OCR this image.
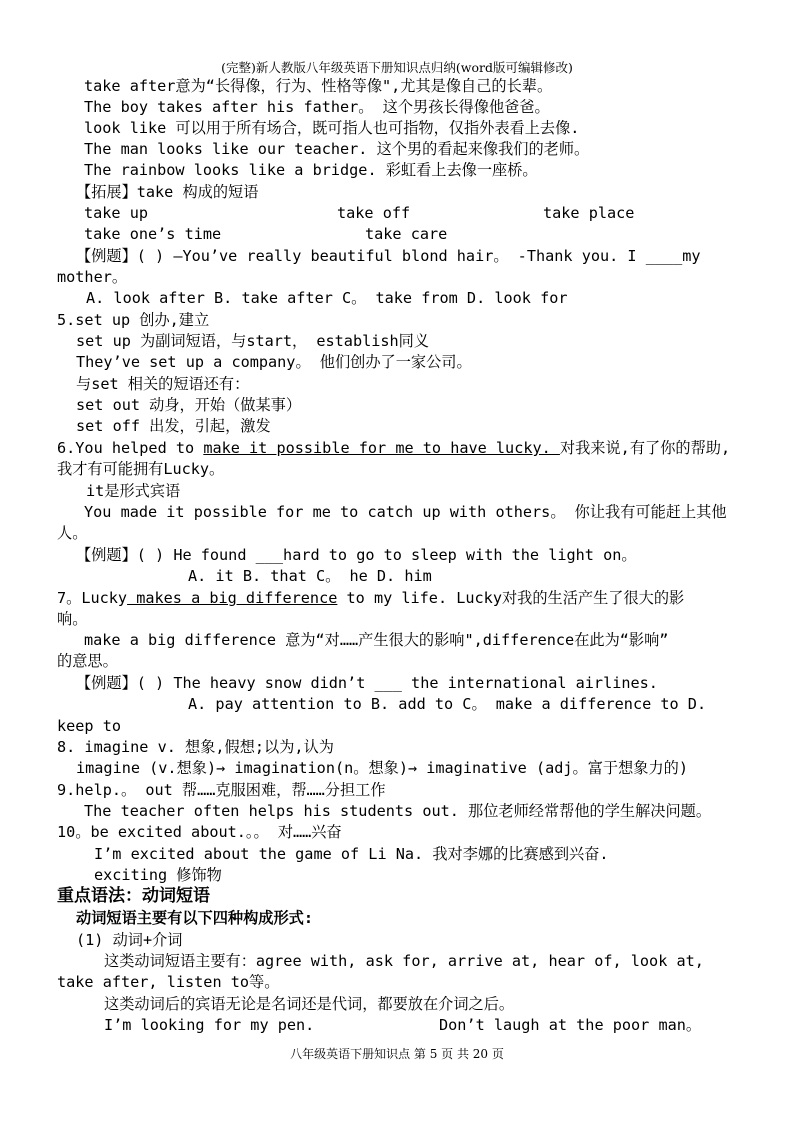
(完整)新人教版八年级英语下册知识点归纳(word版可编辑修改)
take after意为“长得像，行为、性格等像",尤其是像自己的长辈。
The boy takes after his father。 这个男孩长得像他爸爸。
look like 可以用于所有场合，既可指人也可指物，仅指外表看上去像.
The man looks like our teacher. 这个男的看起来像我们的老师。
The rainbow looks like a bridge. 彩虹看上去像一座桥。
【拓展】take 构成的短语
take up	take off	take place
take one’s time	take care
【例题】( ) —You’ve really beautiful blond hair。 -Thank you. I ____my
mother。
A. look after B. take after C。 take from D. look for
5.set up 创办,建立
set up 为副词短语，与start， establish同义
They’ve set up a company。 他们创办了一家公司。
与set 相关的短语还有：
set out 动身，开始（做某事）
set off 出发，引起，激发
6.You helped to make it possible for me to have lucky. 对我来说,有了你的帮助,
我才有可能拥有Lucky。
it是形式宾语
You made it possible for me to catch up with others。 你让我有可能赶上其他
人。
【例题】( ) He found ___hard to go to sleep with the light on。
A. it B. that C。 he D. him
7。Lucky makes a big difference to my life. Lucky对我的生活产生了很大的影
响。
make a big difference 意为“对……产生很大的影响",difference在此为“影响”
的意思。
【例题】( ) The heavy snow didn’t ___ the international airlines.
A. pay attention to B. add to C。 make a difference to D.
keep to
8. imagine v. 想象,假想;以为,认为
imagine (v.想象)→ imagination(n。想象)→ imaginative (adj。富于想象力的)
9.help.。 out 帮……克服困难，帮……分担工作
The teacher often helps his students out. 那位老师经常帮他的学生解决问题。
10。be excited about.。。 对……兴奋
I’m excited about the game of Li Na. 我对李娜的比赛感到兴奋.
exciting 修饰物
重点语法：动词短语
动词短语主要有以下四种构成形式:
(1) 动词+介词
这类动词短语主要有：agree with, ask for, arrive at, hear of, look at,
take after, listen to等。
这类动词后的宾语无论是名词还是代词，都要放在介词之后。
I’m looking for my pen.	Don’t laugh at the poor man。
八年级英语下册知识点 第 5 页 共 20 页
